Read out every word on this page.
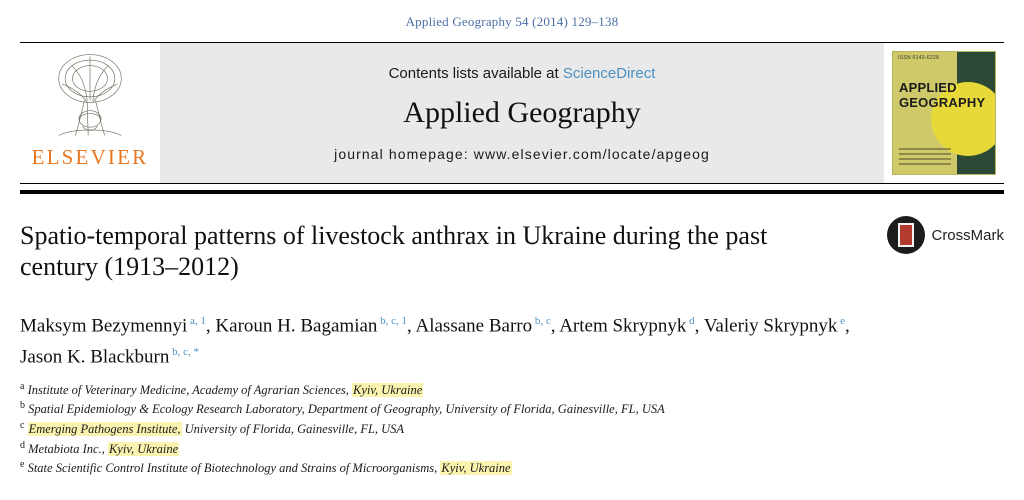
Applied Geography 54 (2014) 129–138
ELSEVIER
Contents lists available at ScienceDirect
Applied Geography
journal homepage: www.elsevier.com/locate/apgeog
ISSN 0143-6228
APPLIED
GEOGRAPHY
Spatio-temporal patterns of livestock anthrax in Ukraine during the past century (1913–2012)
CrossMark
Maksym Bezymennyi $^{a, 1}$, Karoun H. Bagamian $^{b, c, 1}$, Alassane Barro $^{b, c}$, Artem Skrypnyk $^d$, Valeriy Skrypnyk $^e$, Jason K. Blackburn $^{b, c, *}$
$^a$ Institute of Veterinary Medicine, Academy of Agrarian Sciences, Kyiv, Ukraine
$^b$ Spatial Epidemiology & Ecology Research Laboratory, Department of Geography, University of Florida, Gainesville, FL, USA
$^c$ Emerging Pathogens Institute, University of Florida, Gainesville, FL, USA
$^d$ Metabiota Inc., Kyiv, Ukraine
$^e$ State Scientific Control Institute of Biotechnology and Strains of Microorganisms, Kyiv, Ukraine
